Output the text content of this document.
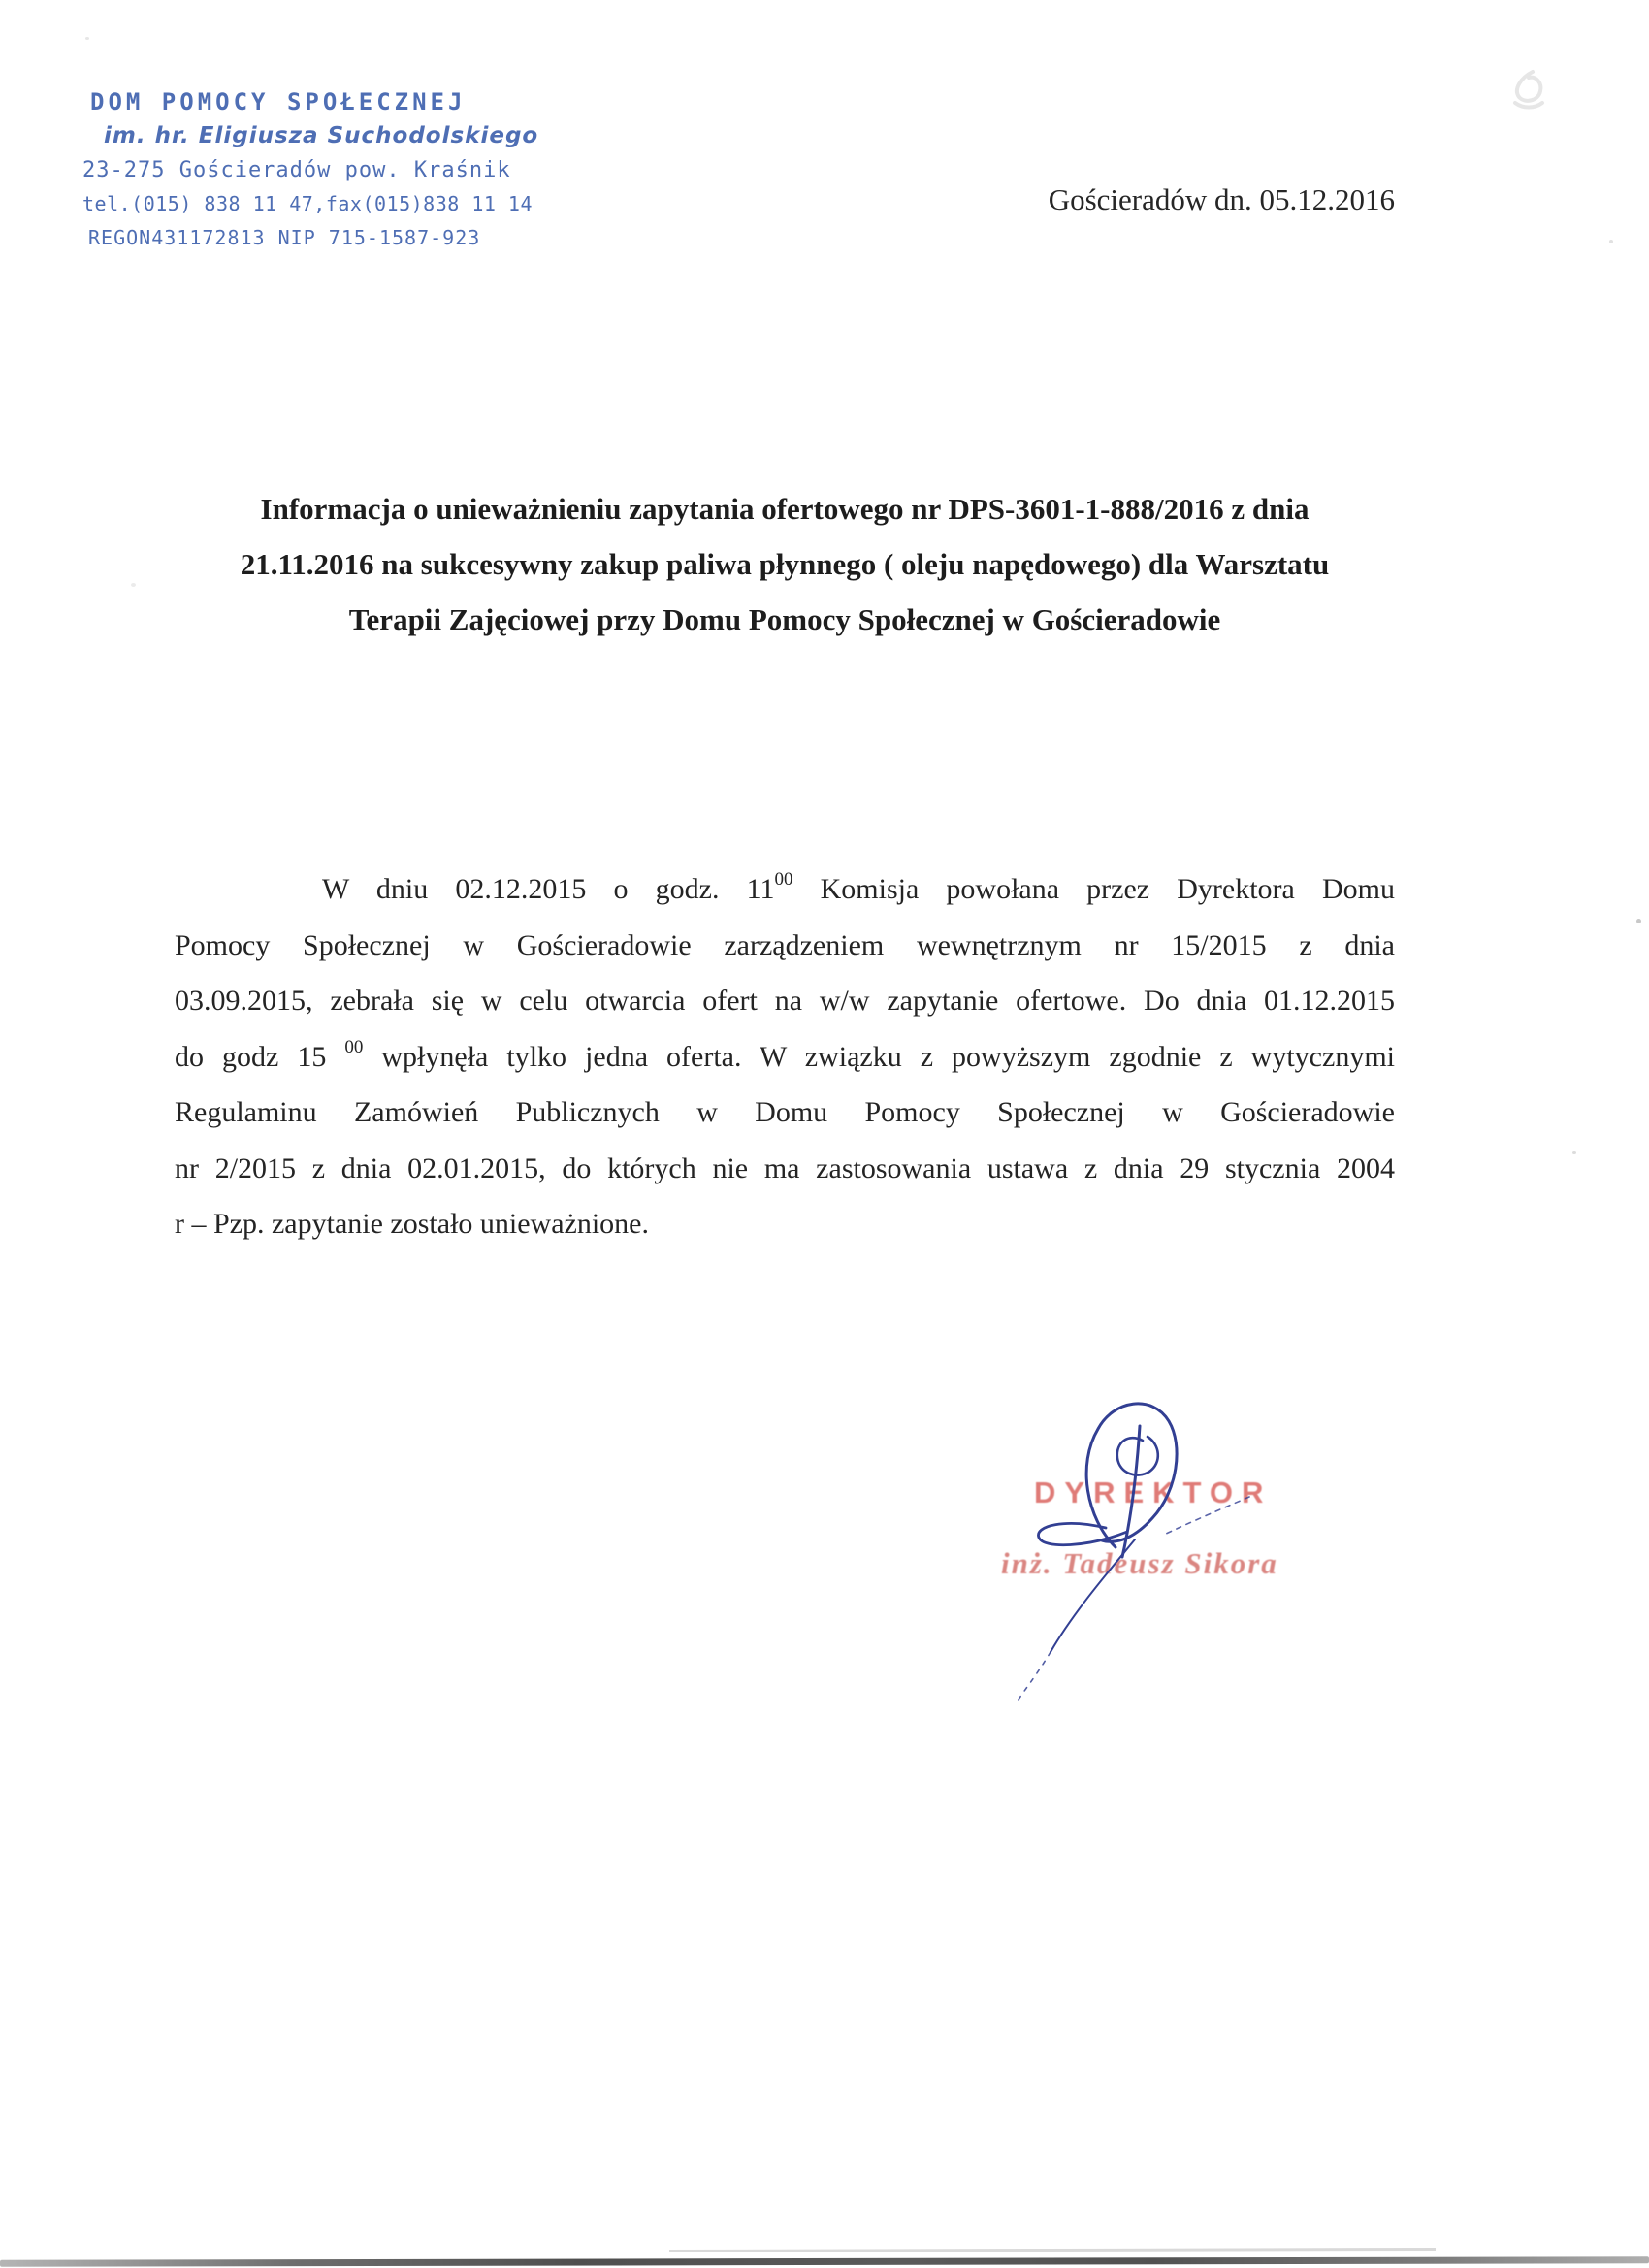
DOM POMOCY SPOŁECZNEJ
im. hr. Eligiusza Suchodolskiego
23-275 Gościeradów pow. Kraśnik
tel.(015) 838 11 47,fax(015)838 11 14
REGON431172813 NIP 715-1587-923
Gościeradów dn. 05.12.2016
Informacja o unieważnieniu zapytania ofertowego nr DPS-3601-1-888/2016 z dnia
21.11.2016 na sukcesywny zakup paliwa płynnego ( oleju napędowego) dla Warsztatu
Terapii Zajęciowej przy Domu Pomocy Społecznej w Gościeradowie
W dniu 02.12.2015 o godz. $11^{00}$ Komisja powołana przez Dyrektora Domu
Pomocy Społecznej w Gościeradowie zarządzeniem wewnętrznym nr 15/2015 z dnia
03.09.2015, zebrała się w celu otwarcia ofert na w/w zapytanie ofertowe. Do dnia 01.12.2015
do godz 15 $^{00}$ wpłynęła tylko jedna oferta. W związku z powyższym zgodnie z wytycznymi
Regulaminu Zamówień Publicznych w Domu Pomocy Społecznej w Gościeradowie
nr 2/2015 z dnia 02.01.2015, do których nie ma zastosowania ustawa z dnia 29 stycznia 2004
r – Pzp. zapytanie zostało unieważnione.
DYREKTOR
inż. Tadeusz Sikora
